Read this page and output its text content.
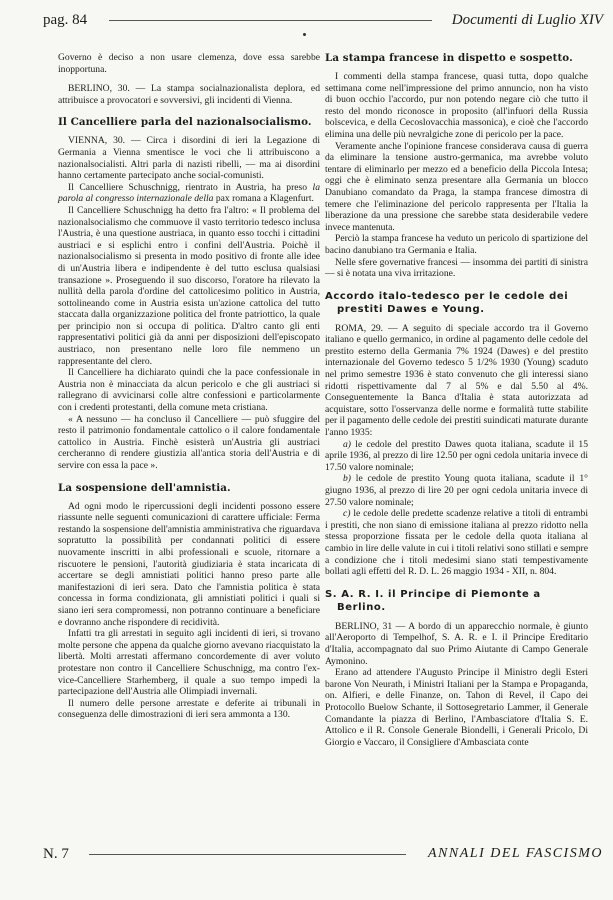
pag. 84	Documenti di Luglio XIV

Governo è deciso a non usare clemenza, dove essa sarebbe inopportuna.

BERLINO, 30. — La stampa socialnazionalista deplora, ed attribuisce a provocatori e sovversivi, gli incidenti di Vienna.

Il Cancelliere parla del nazionalsocialismo.

VIENNA, 30. — Circa i disordini di ieri la Legazione di Germania a Vienna smentisce le voci che li attribuiscono a nazionalsocialisti. Altri parla di nazisti ribelli, — ma ai disordini hanno certamente partecipato anche social-comunisti.

Il Cancelliere Schuschnigg, rientrato in Austria, ha preso la parola al congresso internazionale della pax romana a Klagenfurt.

Il Cancelliere Schuschnigg ha detto fra l'altro: « Il problema del nazionalsocialismo che commuove il vasto territorio tedesco inclusa l'Austria, è una questione austriaca, in quanto esso tocchi i cittadini austriaci e si esplichi entro i confini dell'Austria. Poichè il nazionalsocialismo si presenta in modo positivo di fronte alle idee di un'Austria libera e indipendente è del tutto esclusa qualsiasi transazione ». Proseguendo il suo discorso, l'oratore ha rilevato la nullità della parola d'ordine del cattolicesimo politico in Austria, sottolineando come in Austria esista un'azione cattolica del tutto staccata dalla organizzazione politica del fronte patriottico, la quale per principio non si occupa di politica. D'altro canto gli enti rappresentativi politici già da anni per disposizioni dell'episcopato austriaco, non presentano nelle loro file nemmeno un rappresentante del clero.

Il Cancelliere ha dichiarato quindi che la pace confessionale in Austria non è minacciata da alcun pericolo e che gli austriaci si rallegrano di avvicinarsi colle altre confessioni e particolarmente con i credenti protestanti, della comune meta cristiana.

« A nessuno — ha concluso il Cancelliere — può sfuggire del resto il patrimonio fondamentale cattolico o il calore fondamentale cattolico in Austria. Finchè esisterà un'Austria gli austriaci cercheranno di rendere giustizia all'antica storia dell'Austria e di servire con essa la pace ».

La sospensione dell'amnistia.

Ad ogni modo le ripercussioni degli incidenti possono essere riassunte nelle seguenti comunicazioni di carattere ufficiale: Ferma restando la sospensione dell'amnistia amministrativa che riguardava sopratutto la possibilità per condannati politici di essere nuovamente inscritti in albi professionali e scuole, ritornare a riscuotere le pensioni, l'autorità giudiziaria è stata incaricata di accertare se degli amnistiati politici hanno preso parte alle manifestazioni di ieri sera. Dato che l'amnistia politica è stata concessa in forma condizionata, gli amnistiati politici i quali si siano ieri sera compromessi, non potranno continuare a beneficiare e dovranno anche rispondere di recidività.

Infatti tra gli arrestati in seguito agli incidenti di ieri, si trovano molte persone che appena da qualche giorno avevano riacquistato la libertà. Molti arrestati affermano concordemente di aver voluto protestare non contro il Cancelliere Schuschnigg, ma contro l'ex-vice-Cancelliere Starhemberg, il quale a suo tempo impedì la partecipazione dell'Austria alle Olimpiadi invernali.

Il numero delle persone arrestate e deferite ai tribunali in conseguenza delle dimostrazioni di ieri sera ammonta a 130.

La stampa francese in dispetto e sospetto.

I commenti della stampa francese, quasi tutta, dopo qualche settimana come nell'impressione del primo annuncio, non ha visto di buon occhio l'accordo, pur non potendo negare ciò che tutto il resto del mondo riconosce in proposito (all'infuori della Russia bolscevica, e della Cecoslovacchia massonica), e cioè che l'accordo elimina una delle più nevralgiche zone di pericolo per la pace.

Veramente anche l'opinione francese considerava causa di guerra da eliminare la tensione austro-germanica, ma avrebbe voluto tentare di eliminarlo per mezzo ed a beneficio della Piccola Intesa; oggi che è eliminato senza presentare alla Germania un blocco Danubiano comandato da Praga, la stampa francese dimostra di temere che l'eliminazione del pericolo rappresenta per l'Italia la liberazione da una pressione che sarebbe stata desiderabile vedere invece mantenuta.

Perciò la stampa francese ha veduto un pericolo di spartizione del bacino danubiano tra Germania e Italia.

Nelle sfere governative francesi — insomma dei partiti di sinistra — si è notata una viva irritazione.

Accordo italo-tedesco per le cedole dei prestiti Dawes e Young.

ROMA, 29. — A seguito di speciale accordo tra il Governo italiano e quello germanico, in ordine al pagamento delle cedole del prestito esterno della Germania 7% 1924 (Dawes) e del prestito internazionale del Governo tedesco 5 1/2% 1930 (Young) scaduto nel primo semestre 1936 è stato convenuto che gli interessi siano ridotti rispettivamente dal 7 al 5% e dal 5.50 al 4%. Conseguentemente la Banca d'Italia è stata autorizzata ad acquistare, sotto l'osservanza delle norme e formalità tutte stabilite per il pagamento delle cedole dei prestiti suindicati maturate durante l'anno 1935:

a) le cedole del prestito Dawes quota italiana, scadute il 15 aprile 1936, al prezzo di lire 12.50 per ogni cedola unitaria invece di 17.50 valore nominale;

b) le cedole de prestito Young quota italiana, scadute il 1° giugno 1936, al prezzo di lire 20 per ogni cedola unitaria invece di 27.50 valore nominale;

c) le cedole delle predette scadenze relative a titoli di entrambi i prestiti, che non siano di emissione italiana al prezzo ridotto nella stessa proporzione fissata per le cedole della quota italiana al cambio in lire delle valute in cui i titoli relativi sono stillati e sempre a condizione che i titoli medesimi siano stati tempestivamente bollati agli effetti del R. D. L. 26 maggio 1934 - XII, n. 804.

S. A. R. I. il Principe di Piemonte a Berlino.

BERLINO, 31 — A bordo di un apparecchio normale, è giunto all'Aeroporto di Tempelhof, S. A. R. e I. il Principe Ereditario d'Italia, accompagnato dal suo Primo Aiutante di Campo Generale Aymonino.

Erano ad attendere l'Augusto Principe il Ministro degli Esteri barone Von Neurath, i Ministri Italiani per la Stampa e Propaganda, on. Alfieri, e delle Finanze, on. Tahon di Revel, il Capo dei Protocollo Buelow Schante, il Sottosegretario Lammer, il Generale Comandante la piazza di Berlino, l'Ambasciatore d'Italia S. E. Attolico e il R. Console Generale Biondelli, i Generali Pricolo, Di Giorgio e Vaccaro, il Consigliere d'Ambasciata conte

N. 7	ANNALI DEL FASCISMO
